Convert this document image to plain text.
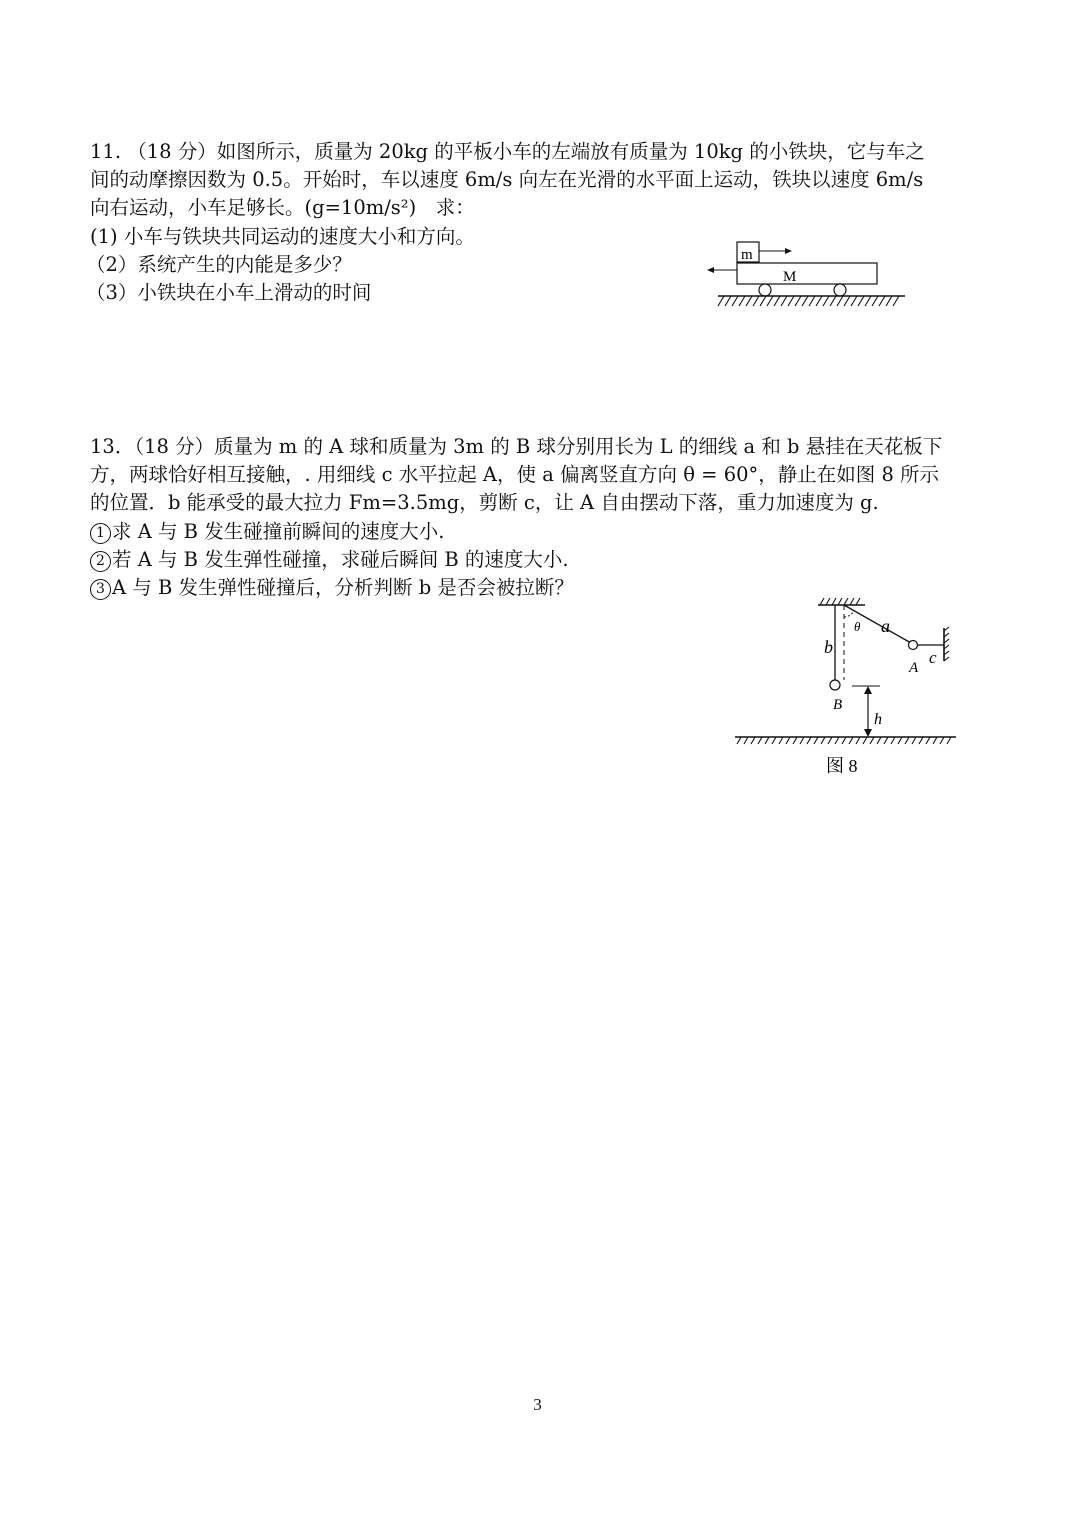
11. （18 分）如图所示，质量为 20kg 的平板小车的左端放有质量为 10kg 的小铁块，它与车之
间的动摩擦因数为 0.5。开始时，车以速度 6m/s 向左在光滑的水平面上运动，铁块以速度 6m/s
向右运动，小车足够长。(g=10m/s²)　求：
(1) 小车与铁块共同运动的速度大小和方向。
（2）系统产生的内能是多少？
（3）小铁块在小车上滑动的时间
m
M
13．（18 分）质量为 m 的 A 球和质量为 3m 的 B 球分别用长为 L 的细线 a 和 b 悬挂在天花板下
方，两球恰好相互接触，. 用细线 c 水平拉起 A，使 a 偏离竖直方向 θ = 60°，静止在如图 8 所示
的位置．b 能承受的最大拉力 Fm=3.5mg，剪断 c，让 A 自由摆动下落，重力加速度为 g.
1 求 A 与 B 发生碰撞前瞬间的速度大小.
2 若 A 与 B 发生弹性碰撞，求碰后瞬间 B 的速度大小.
3 A 与 B 发生弹性碰撞后，分析判断 b 是否会被拉断？
θ a
b
A
c
B
h
图 8
3
